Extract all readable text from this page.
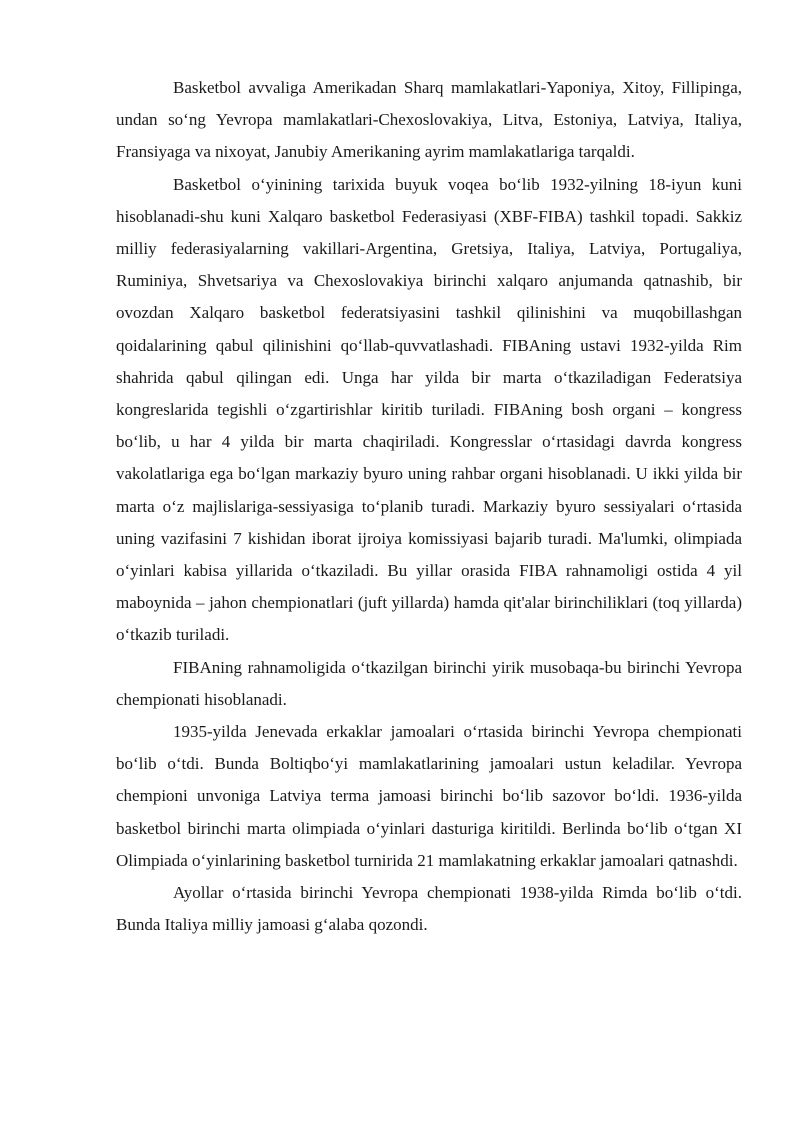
Basketbol avvaliga Amerikadan Sharq mamlakatlari-Yaponiya, Xitoy, Fillipinga, undan so‘ng Yevropa mamlakatlari-Chexoslovakiya, Litva, Estoniya, Latviya, Italiya, Fransiyaga va nixoyat, Janubiy Amerikaning ayrim mamlakatlariga tarqaldi.

Basketbol o‘yinining tarixida buyuk voqea bo‘lib 1932-yilning 18-iyun kuni hisoblanadi-shu kuni Xalqaro basketbol Federasiyasi (XBF-FIBA) tashkil topadi. Sakkiz milliy federasiyalarning vakillari-Argentina, Gretsiya, Italiya, Latviya, Portugaliya, Ruminiya, Shvetsariya va Chexoslovakiya birinchi xalqaro anjumanda qatnashib, bir ovozdan Xalqaro basketbol federatsiyasini tashkil qilinishini va muqobillashgan qoidalarining qabul qilinishini qo‘llab-quvvatlashadi. FIBAning ustavi 1932-yilda Rim shahrida qabul qilingan edi. Unga har yilda bir marta o‘tkaziladigan Federatsiya kongreslarida tegishli o‘zgartirishlar kiritib turiladi. FIBAning bosh organi – kongress bo‘lib, u har 4 yilda bir marta chaqiriladi. Kongresslar o‘rtasidagi davrda kongress vakolatlariga ega bo‘lgan markaziy byuro uning rahbar organi hisoblanadi. U ikki yilda bir marta o‘z majlislariga-sessiyasiga to‘planib turadi. Markaziy byuro sessiyalari o‘rtasida uning vazifasini 7 kishidan iborat ijroiya komissiyasi bajarib turadi. Ma'lumki, olimpiada o‘yinlari kabisa yillarida o‘tkaziladi. Bu yillar orasida FIBA rahnamoligi ostida 4 yil maboynida – jahon chempionatlari (juft yillarda) hamda qit'alar birinchiliklari (toq yillarda) o‘tkazib turiladi.

FIBAning rahnamoligida o‘tkazilgan birinchi yirik musobaqa-bu birinchi Yevropa chempionati hisoblanadi.

1935-yilda Jenevada erkaklar jamoalari o‘rtasida birinchi Yevropa chempionati bo‘lib o‘tdi. Bunda Boltiqbo‘yi mamlakatlarining jamoalari ustun keladilar. Yevropa chempioni unvoniga Latviya terma jamoasi birinchi bo‘lib sazovor bo‘ldi. 1936-yilda basketbol birinchi marta olimpiada o‘yinlari dasturiga kiritildi. Berlinda bo‘lib o‘tgan XI Olimpiada o‘yinlarining basketbol turnirida 21 mamlakatning erkaklar jamoalari qatnashdi.

Ayollar o‘rtasida birinchi Yevropa chempionati 1938-yilda Rimda bo‘lib o‘tdi. Bunda Italiya milliy jamoasi g‘alaba qozondi.
